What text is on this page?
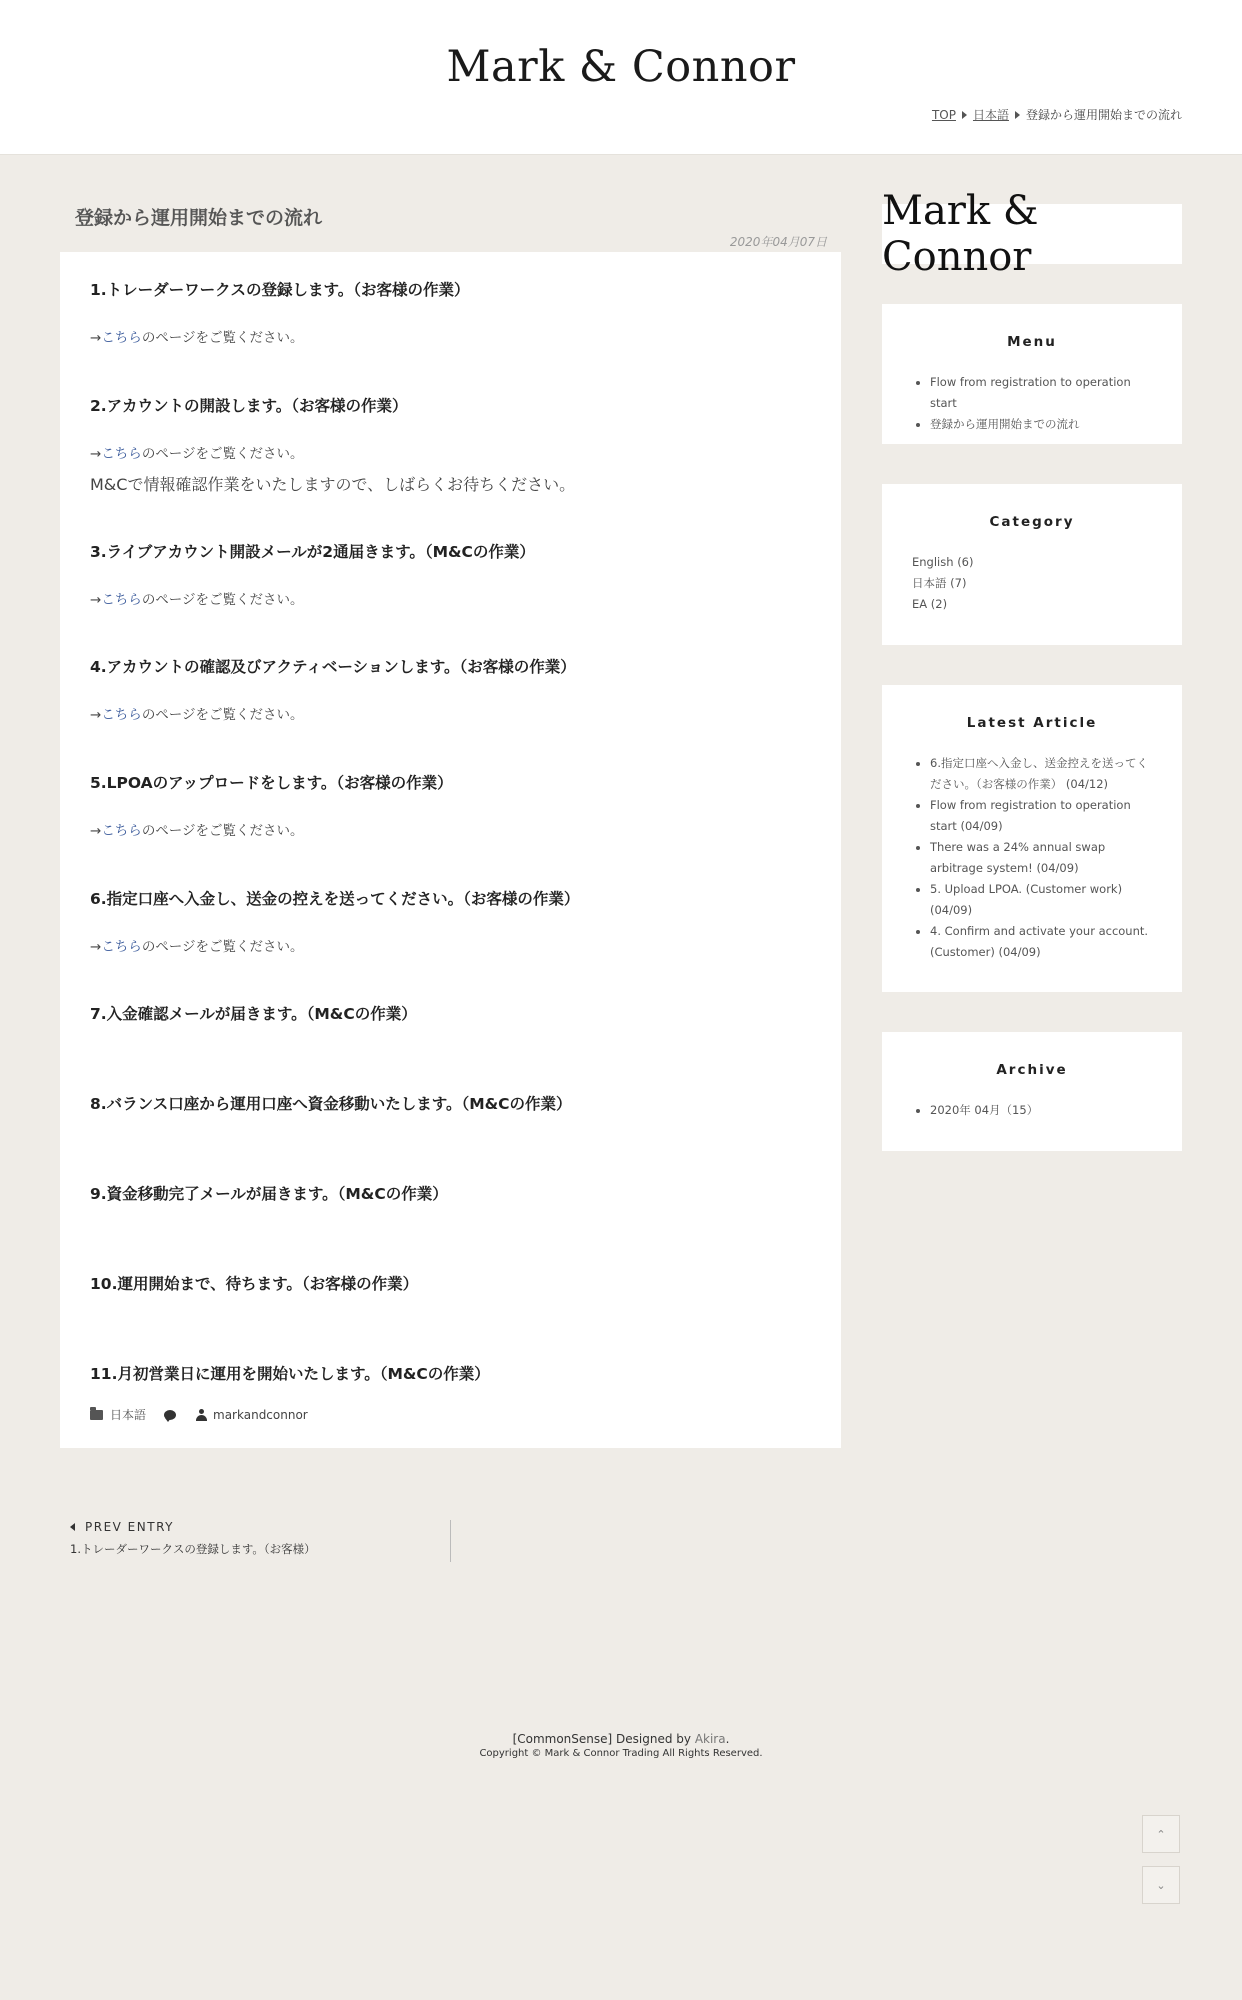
Mark & Connor
TOP 日本語 登録から運用開始までの流れ
登録から運用開始までの流れ
2020年04月07日
1.トレーダーワークスの登録します。（お客様の作業）

→こちらのページをご覧ください。

2.アカウントの開設します。（お客様の作業）

→こちらのページをご覧ください。

M&Cで情報確認作業をいたしますので、しばらくお待ちください。

3.ライブアカウント開設メールが2通届きます。（M&Cの作業）

→こちらのページをご覧ください。

4.アカウントの確認及びアクティベーションします。（お客様の作業）

→こちらのページをご覧ください。

5.LPOAのアップロードをします。（お客様の作業）

→こちらのページをご覧ください。

6.指定口座へ入金し、送金の控えを送ってください。（お客様の作業）

→こちらのページをご覧ください。

7.入金確認メールが届きます。（M&Cの作業）
8.バランス口座から運用口座へ資金移動いたします。（M&Cの作業）
9.資金移動完了メールが届きます。（M&Cの作業）
10.運用開始まで、待ちます。（お客様の作業）
11.月初営業日に運用を開始いたします。（M&Cの作業）
日本語	markandconnor
PREV ENTRY
1.トレーダーワークスの登録します。（お客様）
Mark & Connor
Menu
• Flow from registration to operation start
• 登録から運用開始までの流れ
Category
English (6)
日本語 (7)
EA (2)
Latest Article
• 6.指定口座へ入金し、送金控えを送ってください。（お客様の作業） (04/12)
• Flow from registration to operation start (04/09)
• There was a 24% annual swap arbitrage system! (04/09)
• 5. Upload LPOA. (Customer work) (04/09)
• 4. Confirm and activate your account. (Customer) (04/09)
Archive
• 2020年 04月（15）
[CommonSense] Designed by Akira.
Copyright © Mark & Connor Trading All Rights Reserved.
⌃
⌄
